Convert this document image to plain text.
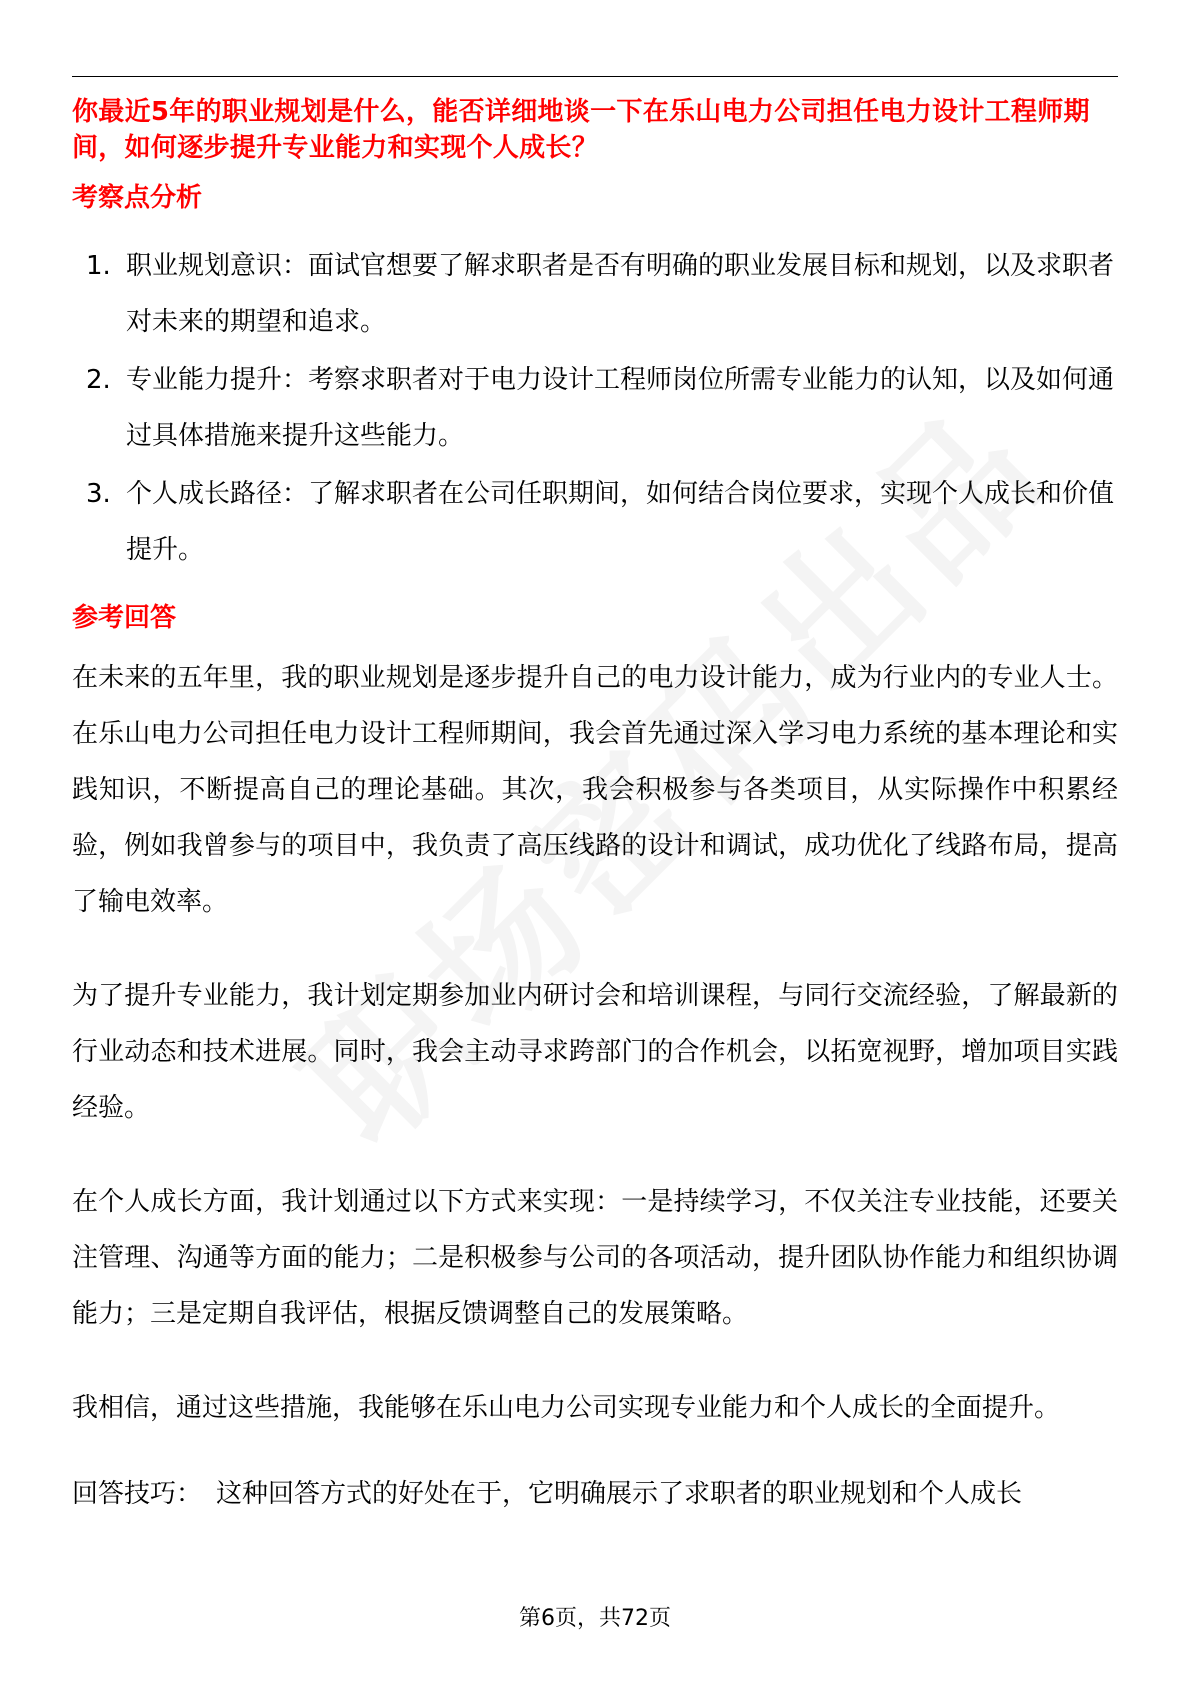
你最近5年的职业规划是什么，能否详细地谈一下在乐山电力公司担任电力设计工程师期间，如何逐步提升专业能力和实现个人成长？

考察点分析

1. 职业规划意识：面试官想要了解求职者是否有明确的职业发展目标和规划，以及求职者对未来的期望和追求。
2. 专业能力提升：考察求职者对于电力设计工程师岗位所需专业能力的认知，以及如何通过具体措施来提升这些能力。
3. 个人成长路径：了解求职者在公司任职期间，如何结合岗位要求，实现个人成长和价值提升。

参考回答

在未来的五年里，我的职业规划是逐步提升自己的电力设计能力，成为行业内的专业人士。在乐山电力公司担任电力设计工程师期间，我会首先通过深入学习电力系统的基本理论和实践知识，不断提高自己的理论基础。其次，我会积极参与各类项目，从实际操作中积累经验，例如我曾参与的项目中，我负责了高压线路的设计和调试，成功优化了线路布局，提高了输电效率。

为了提升专业能力，我计划定期参加业内研讨会和培训课程，与同行交流经验，了解最新的行业动态和技术进展。同时，我会主动寻求跨部门的合作机会，以拓宽视野，增加项目实践经验。

在个人成长方面，我计划通过以下方式来实现：一是持续学习，不仅关注专业技能，还要关注管理、沟通等方面的能力；二是积极参与公司的各项活动，提升团队协作能力和组织协调能力；三是定期自我评估，根据反馈调整自己的发展策略。

我相信，通过这些措施，我能够在乐山电力公司实现专业能力和个人成长的全面提升。

回答技巧： 这种回答方式的好处在于，它明确展示了求职者的职业规划和个人成长

第6页，共72页
